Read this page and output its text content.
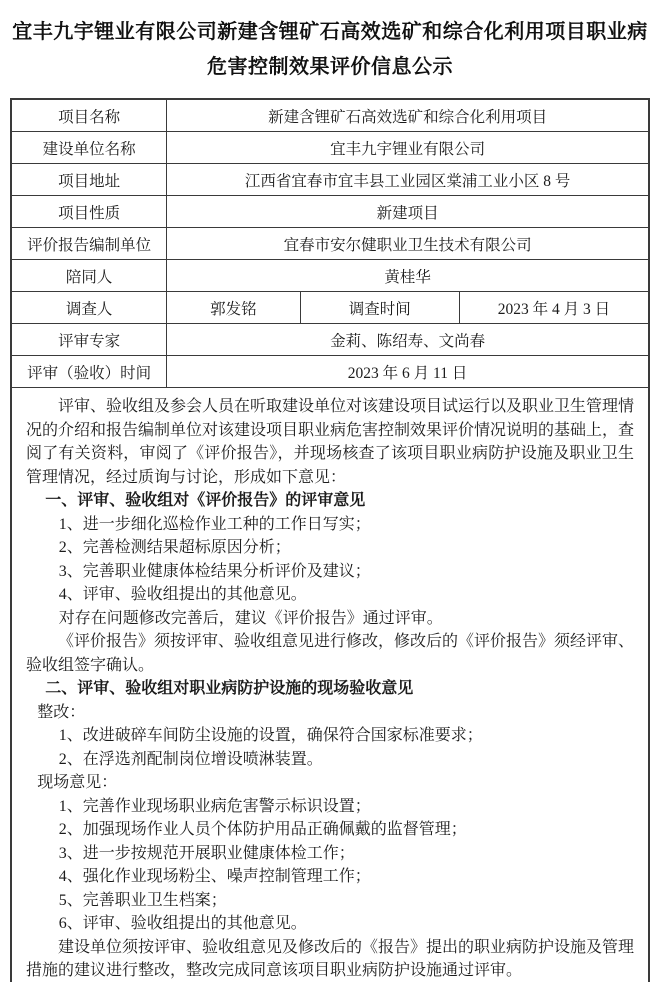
宜丰九宇锂业有限公司新建含锂矿石高效选矿和综合化利用项目职业病
危害控制效果评价信息公示
项目名称	新建含锂矿石高效选矿和综合化利用项目		
建设单位名称	宜丰九宇锂业有限公司		
项目地址	江西省宜春市宜丰县工业园区棠浦工业小区 8 号		
项目性质	新建项目		
评价报告编制单位	宜春市安尔健职业卫生技术有限公司		
陪同人	黄桂华		
调查人	郭发铭	调查时间	2023 年 4 月 3 日
评审专家	金莉、陈绍寿、文尚春		
评审（验收）时间	2023 年 6 月 11 日		

评审、验收组及参会人员在听取建设单位对该建设项目试运行以及职业卫生管理情况的介绍和报告编制单位对该建设项目职业病危害控制效果评价情况说明的基础上，查阅了有关资料，审阅了《评价报告》，并现场核查了该项目职业病防护设施及职业卫生管理情况，经过质询与讨论，形成如下意见：

一、评审、验收组对《评价报告》的评审意见

1、进一步细化巡检作业工种的工作日写实；

2、完善检测结果超标原因分析；

3、完善职业健康体检结果分析评价及建议；

4、评审、验收组提出的其他意见。

对存在问题修改完善后，建议《评价报告》通过评审。

《评价报告》须按评审、验收组意见进行修改，修改后的《评价报告》须经评审、验收组签字确认。

二、评审、验收组对职业病防护设施的现场验收意见

整改：

1、改进破碎车间防尘设施的设置，确保符合国家标准要求；

2、在浮选剂配制岗位增设喷淋装置。

现场意见：

1、完善作业现场职业病危害警示标识设置；

2、加强现场作业人员个体防护用品正确佩戴的监督管理；

3、进一步按规范开展职业健康体检工作；

4、强化作业现场粉尘、噪声控制管理工作；

5、完善职业卫生档案；

6、评审、验收组提出的其他意见。

建设单位须按评审、验收组意见及修改后的《报告》提出的职业病防护设施及管理措施的建议进行整改，整改完成同意该项目职业病防护设施通过评审。
